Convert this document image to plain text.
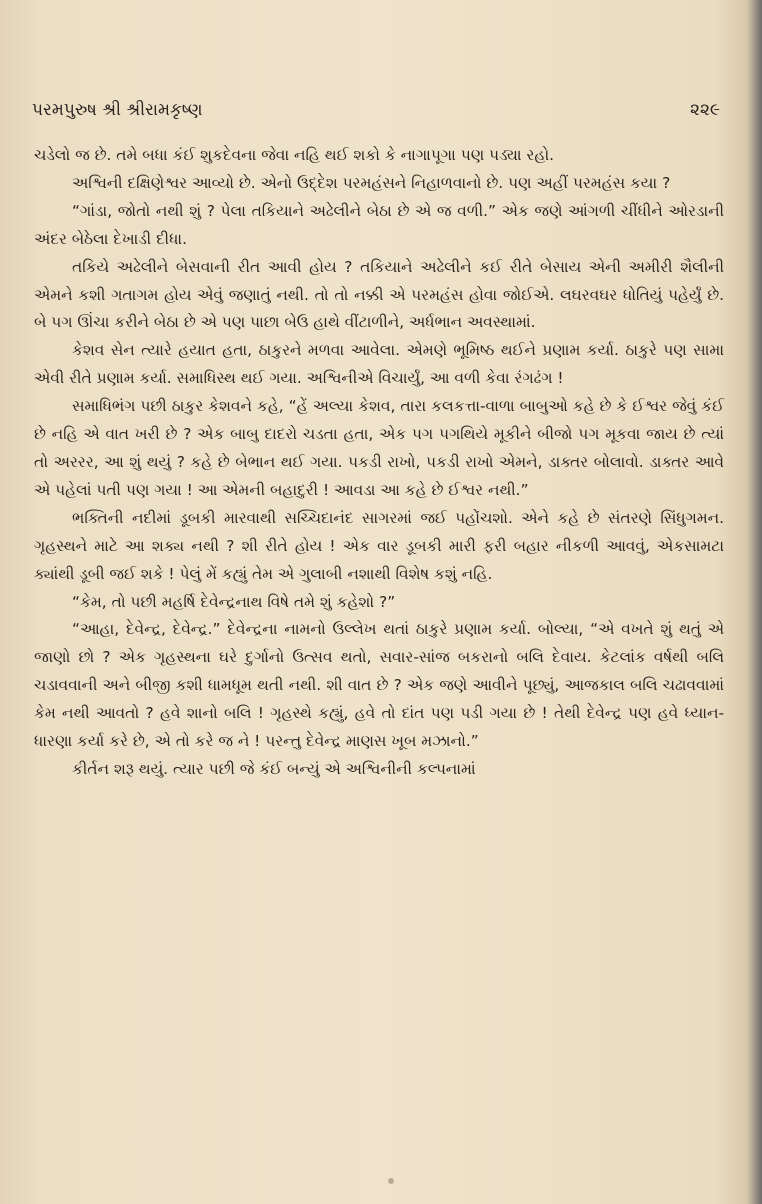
પરમપુરુષ શ્રી શ્રીરામકૃષ્ણ	૨૨૯

ચડેલો જ છે. તમે બધા કંઈ શુકદેવના જેવા નહિ થઈ શકો કે નાગાપૂગા પણ પડ્યા રહો.

અશ્વિની દક્ષિણેશ્વર આવ્યો છે. એનો ઉદ્દેશ પરમહંસને નિહાળવાનો છે. પણ અહીં પરમહંસ કયા ?

“ગાંડા, જોતો નથી શું ? પેલા તકિયાને અઢેલીને બેઠા છે એ જ વળી.” એક જણે આંગળી ચીંધીને ઓરડાની અંદર બેઠેલા દેખાડી દીધા.

તકિયે અઢેલીને બેસવાની રીત આવી હોય ? તકિયાને અઢેલીને કઈ રીતે બેસાય એની અમીરી શૈલીની એમને કશી ગતાગમ હોય એવું જણાતું નથી. તો તો નક્કી એ પરમહંસ હોવા જોઈએ. લઘરવઘર ધોતિયું પહેર્યું છે. બે પગ ઊંચા કરીને બેઠા છે એ પણ પાછા બેઉ હાથે વીંટાળીને, અર્ધભાન અવસ્થામાં.

કેશવ સેન ત્યારે હયાત હતા, ઠાકુરને મળવા આવેલા. એમણે ભૂમિષ્ઠ થઈને પ્રણામ કર્યા. ઠાકુરે પણ સામા એવી રીતે પ્રણામ કર્યા. સમાધિસ્થ થઈ ગયા. અશ્વિનીએ વિચાર્યું, આ વળી કેવા રંગઢંગ !

સમાધિભંગ પછી ઠાકુર કેશવને કહે, “હેં અલ્યા કેશવ, તારા કલકત્તા-વાળા બાબુઓ કહે છે કે ઈશ્વર જેવું કંઈ છે નહિ એ વાત ખરી છે ? એક બાબુ દાદરો ચડતા હતા, એક પગ પગથિયે મૂકીને બીજો પગ મૂકવા જાય છે ત્યાં તો અરરર, આ શું થયું ? કહે છે બેભાન થઈ ગયા. પકડી રાખો, પકડી રાખો એમને, ડાક્તર બોલાવો. ડાક્તર આવે એ પહેલાં પતી પણ ગયા ! આ એમની બહાદુરી ! આવડા આ કહે છે ઈશ્વર નથી.”

ભક્તિની નદીમાં ડૂબકી મારવાથી સચ્ચિદાનંદ સાગરમાં જઈ પહોંચશો. એને કહે છે સંતરણે સિંધુગમન. ગૃહસ્થને માટે આ શક્ય નથી ? શી રીતે હોય ! એક વાર ડૂબકી મારી ફરી બહાર નીકળી આવવું, એકસામટા ક્યાંથી ડૂબી જઈ શકે ! પેલું મેં કહ્યું તેમ એ ગુલાબી નશાથી વિશેષ કશું નહિ.

“કેમ, તો પછી મહર્ષિ દેવેન્દ્રનાથ વિષે તમે શું કહેશો ?”

“આહા, દેવેન્દ્ર, દેવેન્દ્ર.” દેવેન્દ્રના નામનો ઉલ્લેખ થતાં ઠાકુરે પ્રણામ કર્યા. બોલ્યા, “એ વખતે શું થતું એ જાણો છો ? એક ગૃહસ્થના ઘરે દુર્ગાનો ઉત્સવ થતો, સવાર-સાંજ બકરાનો બલિ દેવાય. કેટલાંક વર્ષથી બલિ ચડાવવાની અને બીજી કશી ધામધૂમ થતી નથી. શી વાત છે ? એક જણે આવીને પૂછ્યું, આજકાલ બલિ ચઢાવવામાં કેમ નથી આવતો ? હવે શાનો બલિ ! ગૃહસ્થે કહ્યું, હવે તો દાંત પણ પડી ગયા છે ! તેથી દેવેન્દ્ર પણ હવે ધ્યાન-ધારણા કર્યા કરે છે, એ તો કરે જ ને ! પરન્તુ દેવેન્દ્ર માણસ ખૂબ મઝાનો.”

કીર્તન શરૂ થયું. ત્યાર પછી જે કંઈ બન્યું એ અશ્વિનીની કલ્પનામાં
